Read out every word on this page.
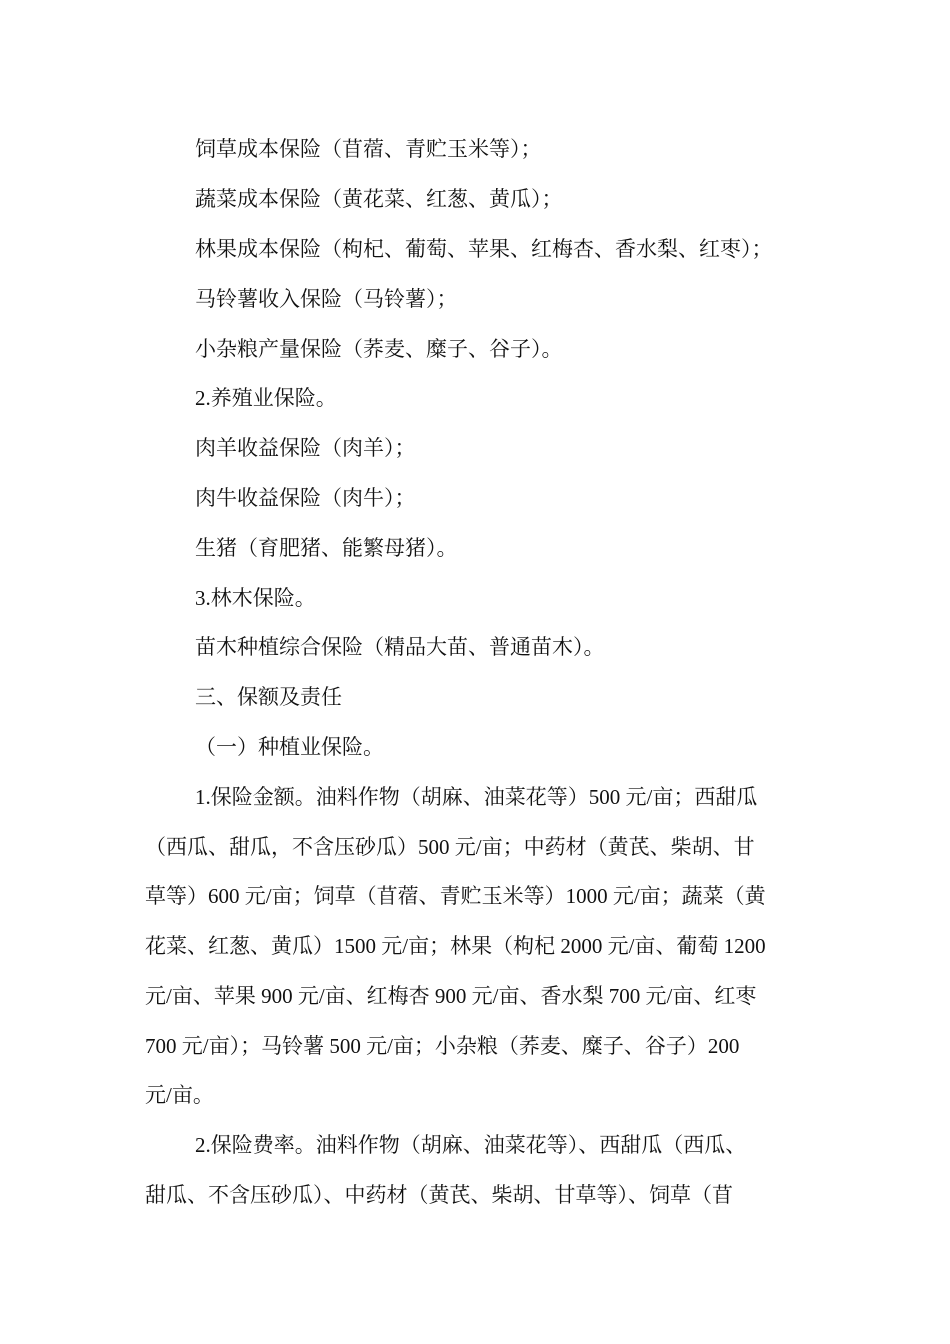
饲草成本保险（苜蓿、青贮玉米等）；

蔬菜成本保险（黄花菜、红葱、黄瓜）；

林果成本保险（枸杞、葡萄、苹果、红梅杏、香水梨、红枣）；

马铃薯收入保险（马铃薯）；

小杂粮产量保险（荞麦、糜子、谷子）。

2.养殖业保险。

肉羊收益保险（肉羊）；

肉牛收益保险（肉牛）；

生猪（育肥猪、能繁母猪）。

3.林木保险。

苗木种植综合保险（精品大苗、普通苗木）。

三、保额及责任

（一）种植业保险。

1.保险金额。油料作物（胡麻、油菜花等）500 元/亩；西甜瓜

（西瓜、甜瓜，不含压砂瓜）500 元/亩；中药材（黄芪、柴胡、甘

草等）600 元/亩；饲草（苜蓿、青贮玉米等）1000 元/亩；蔬菜（黄

花菜、红葱、黄瓜）1500 元/亩；林果（枸杞 2000 元/亩、葡萄 1200

元/亩、苹果 900 元/亩、红梅杏 900 元/亩、香水梨 700 元/亩、红枣

700 元/亩）；马铃薯 500 元/亩；小杂粮（荞麦、糜子、谷子）200

元/亩。

2.保险费率。油料作物（胡麻、油菜花等）、西甜瓜（西瓜、

甜瓜、不含压砂瓜）、中药材（黄芪、柴胡、甘草等）、饲草（苜
